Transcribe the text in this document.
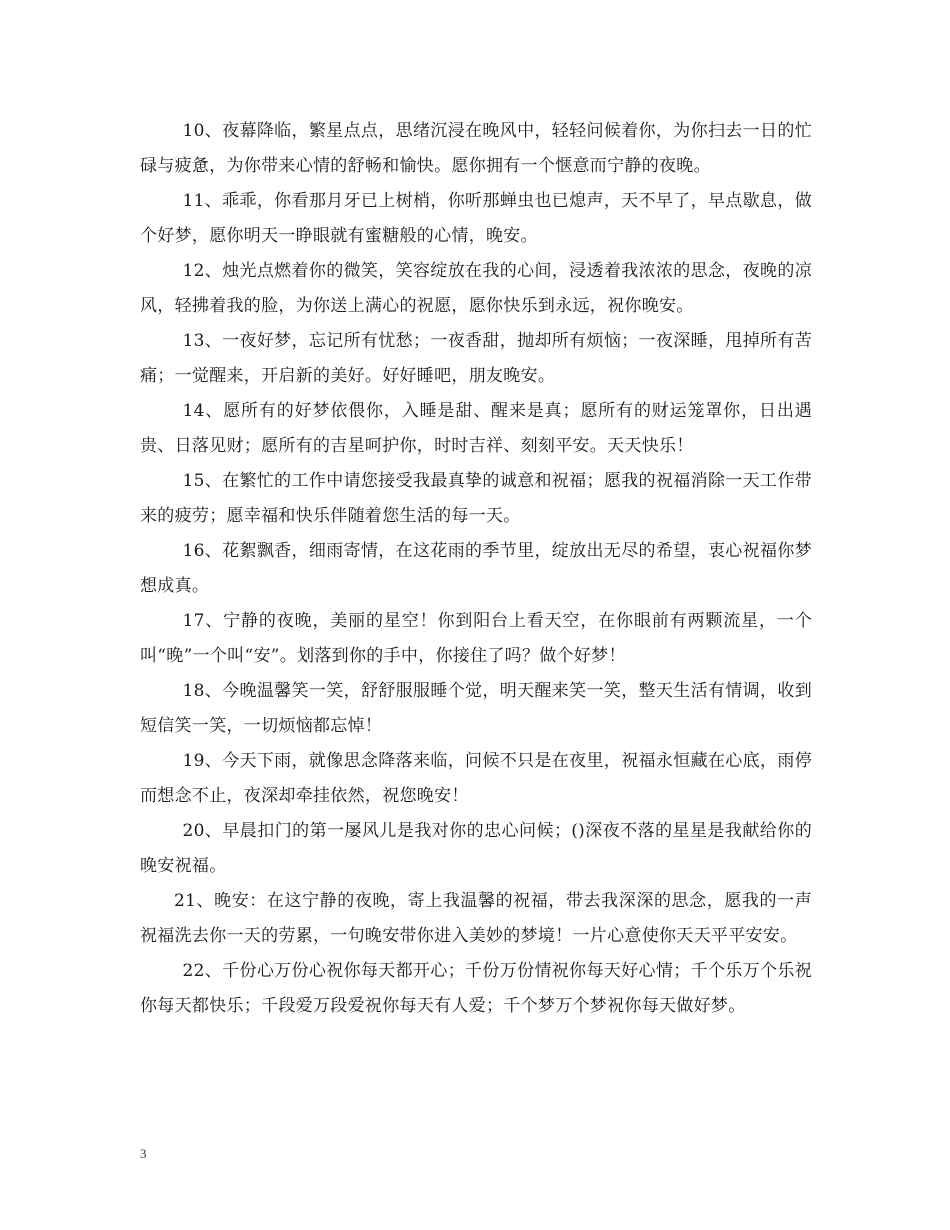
10、夜幕降临，繁星点点，思绪沉浸在晚风中，轻轻问候着你，为你扫去一日的忙碌与疲惫，为你带来心情的舒畅和愉快。愿你拥有一个惬意而宁静的夜晚。

11、乖乖，你看那月牙已上树梢，你听那蝉虫也已熄声，天不早了，早点歇息，做个好梦，愿你明天一睁眼就有蜜糖般的心情，晚安。

12、烛光点燃着你的微笑，笑容绽放在我的心间，浸透着我浓浓的思念，夜晚的凉风，轻拂着我的脸，为你送上满心的祝愿，愿你快乐到永远，祝你晚安。

13、一夜好梦，忘记所有忧愁；一夜香甜，抛却所有烦恼；一夜深睡，甩掉所有苦痛；一觉醒来，开启新的美好。好好睡吧，朋友晚安。

14、愿所有的好梦依偎你，入睡是甜、醒来是真；愿所有的财运笼罩你，日出遇贵、日落见财；愿所有的吉星呵护你，时时吉祥、刻刻平安。天天快乐！

15、在繁忙的工作中请您接受我最真挚的诚意和祝福；愿我的祝福消除一天工作带来的疲劳；愿幸福和快乐伴随着您生活的每一天。

16、花絮飘香，细雨寄情，在这花雨的季节里，绽放出无尽的希望，衷心祝福你梦想成真。

17、宁静的夜晚，美丽的星空！你到阳台上看天空，在你眼前有两颗流星，一个叫“晚”一个叫“安”。划落到你的手中，你接住了吗？做个好梦！

18、今晚温馨笑一笑，舒舒服服睡个觉，明天醒来笑一笑，整天生活有情调，收到短信笑一笑，一切烦恼都忘悼！

19、今天下雨，就像思念降落来临，问候不只是在夜里，祝福永恒藏在心底，雨停而想念不止，夜深却牵挂依然，祝您晚安！

20、早晨扣门的第一屡风儿是我对你的忠心问候；()深夜不落的星星是我献给你的晚安祝福。

21、晚安：在这宁静的夜晚，寄上我温馨的祝福，带去我深深的思念，愿我的一声祝福洗去你一天的劳累，一句晚安带你进入美妙的梦境！一片心意使你天天平平安安。

22、千份心万份心祝你每天都开心；千份万份情祝你每天好心情；千个乐万个乐祝你每天都快乐；千段爱万段爱祝你每天有人爱；千个梦万个梦祝你每天做好梦。

3
